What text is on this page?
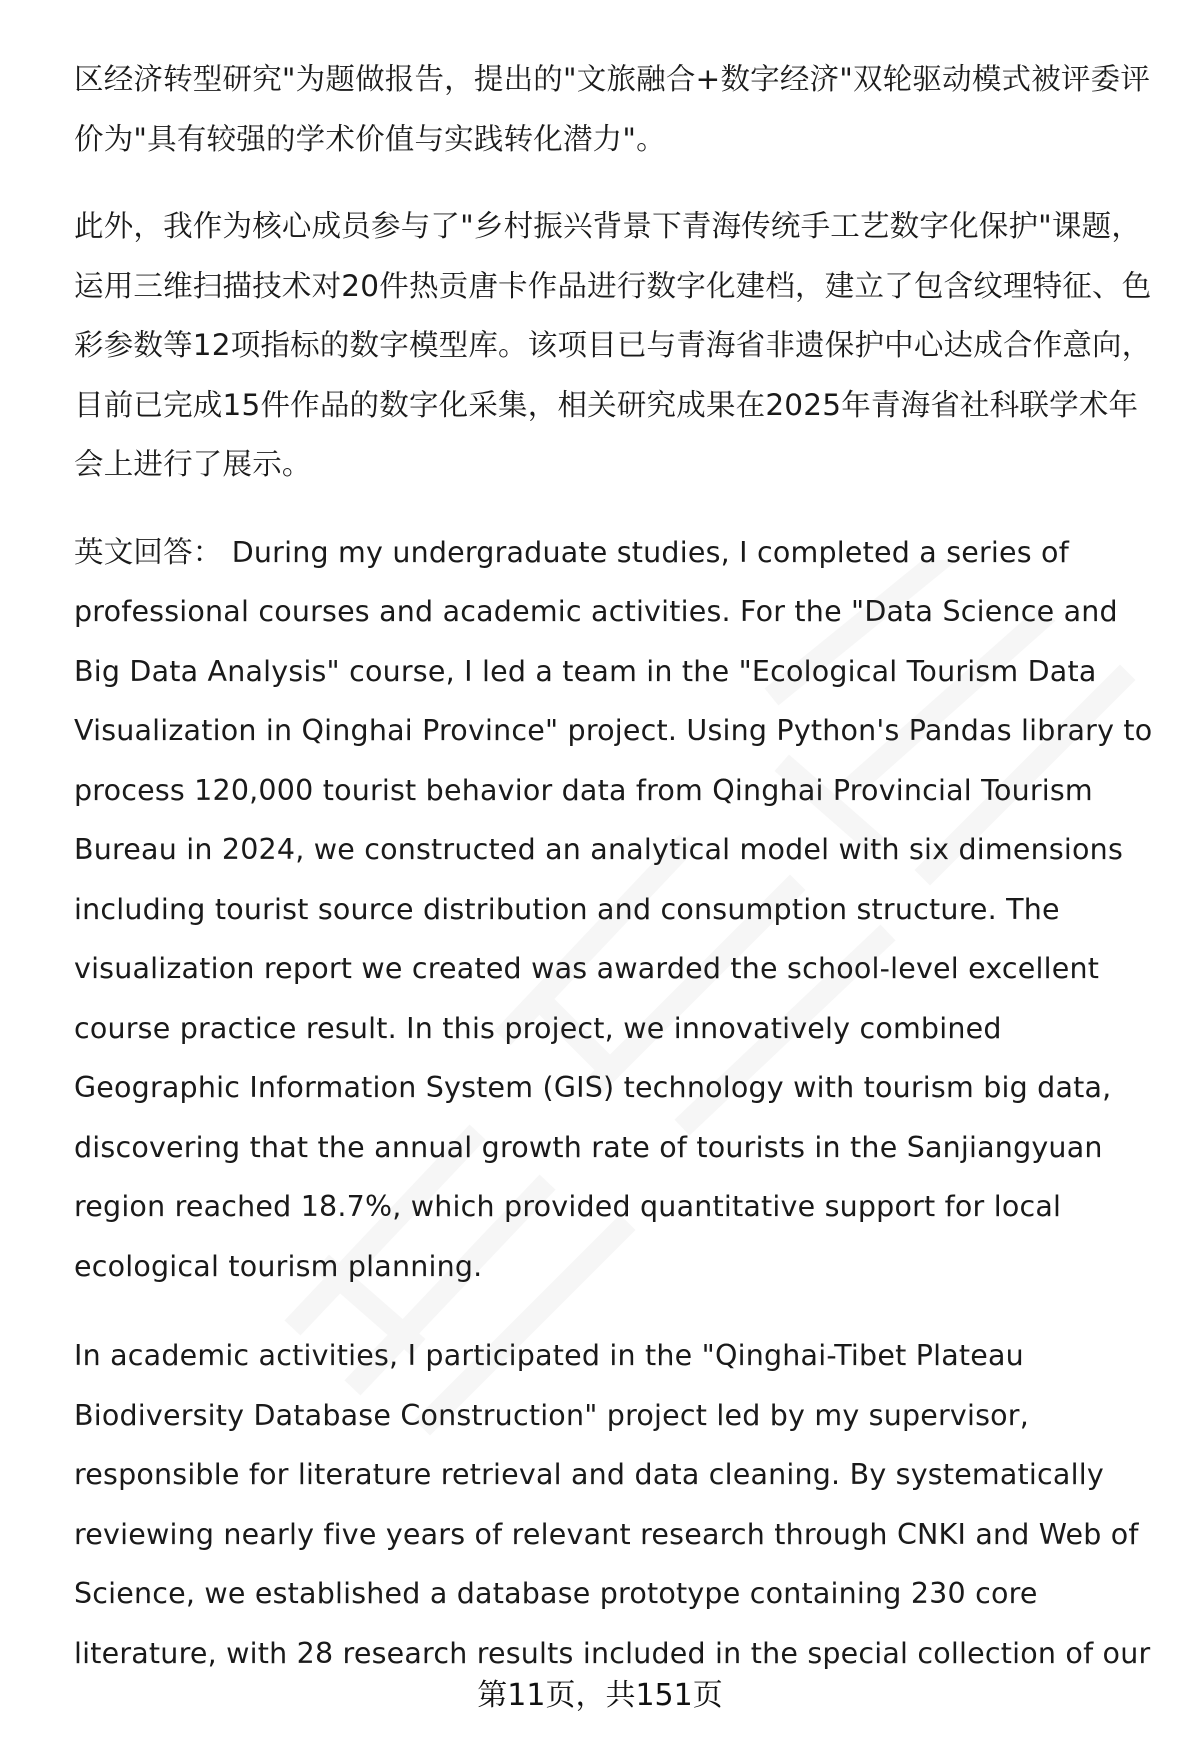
区经济转型研究"为题做报告，提出的"文旅融合+数字经济"双轮驱动模式被评委评价为"具有较强的学术价值与实践转化潜力"。

此外，我作为核心成员参与了"乡村振兴背景下青海传统手工艺数字化保护"课题，运用三维扫描技术对20件热贡唐卡作品进行数字化建档，建立了包含纹理特征、色彩参数等12项指标的数字模型库。该项目已与青海省非遗保护中心达成合作意向，目前已完成15件作品的数字化采集，相关研究成果在2025年青海省社科联学术年会上进行了展示。

英文回答： During my undergraduate studies, I completed a series of professional courses and academic activities. For the "Data Science and Big Data Analysis" course, I led a team in the "Ecological Tourism Data Visualization in Qinghai Province" project. Using Python's Pandas library to process 120,000 tourist behavior data from Qinghai Provincial Tourism Bureau in 2024, we constructed an analytical model with six dimensions including tourist source distribution and consumption structure. The visualization report we created was awarded the school-level excellent course practice result. In this project, we innovatively combined Geographic Information System (GIS) technology with tourism big data, discovering that the annual growth rate of tourists in the Sanjiangyuan region reached 18.7%, which provided quantitative support for local ecological tourism planning.

In academic activities, I participated in the "Qinghai-Tibet Plateau Biodiversity Database Construction" project led by my supervisor, responsible for literature retrieval and data cleaning. By systematically reviewing nearly five years of relevant research through CNKI and Web of Science, we established a database prototype containing 230 core literature, with 28 research results included in the special collection of our

第11页，共151页
